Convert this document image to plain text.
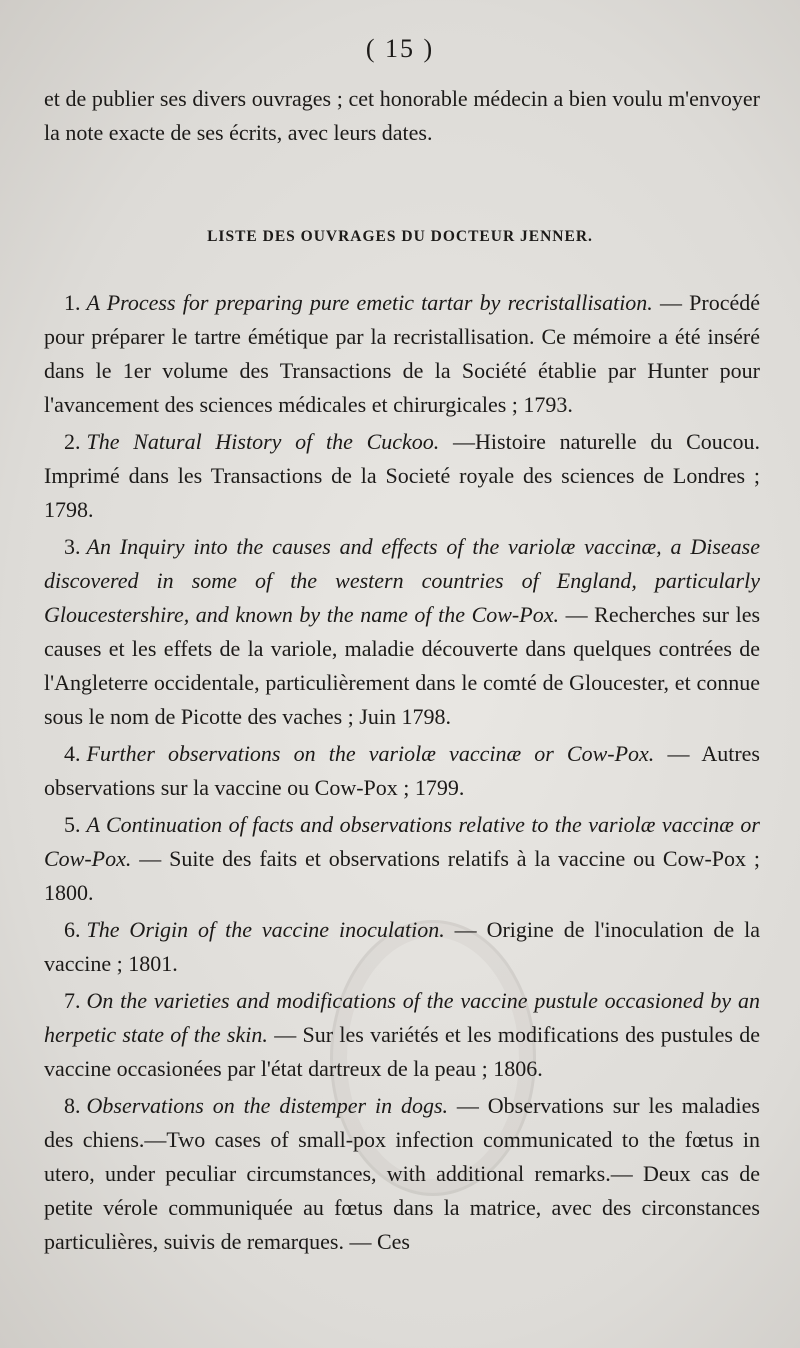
( 15 )

et de publier ses divers ouvrages ; cet honorable médecin a bien voulu m'envoyer la note exacte de ses écrits, avec leurs dates.

LISTE DES OUVRAGES DU DOCTEUR JENNER.

1. A Process for preparing pure emetic tartar by recristallisation. — Procédé pour préparer le tartre émétique par la recristallisation. Ce mémoire a été inséré dans le 1er volume des Transactions de la Société établie par Hunter pour l'avancement des sciences médicales et chirurgicales ; 1793.

2. The Natural History of the Cuckoo. —Histoire naturelle du Coucou. Imprimé dans les Transactions de la Societé royale des sciences de Londres ; 1798.

3. An Inquiry into the causes and effects of the variolæ vaccinæ, a Disease discovered in some of the western countries of England, particularly Gloucestershire, and known by the name of the Cow-Pox. — Recherches sur les causes et les effets de la variole, maladie découverte dans quelques contrées de l'Angleterre occidentale, particulièrement dans le comté de Gloucester, et connue sous le nom de Picotte des vaches ; Juin 1798.

4. Further observations on the variolæ vaccinæ or Cow-Pox. — Autres observations sur la vaccine ou Cow-Pox ; 1799.

5. A Continuation of facts and observations relative to the variolæ vaccinæ or Cow-Pox. — Suite des faits et observations relatifs à la vaccine ou Cow-Pox ; 1800.

6. The Origin of the vaccine inoculation. — Origine de l'inoculation de la vaccine ; 1801.

7. On the varieties and modifications of the vaccine pustule occasioned by an herpetic state of the skin. — Sur les variétés et les modifications des pustules de vaccine occasionées par l'état dartreux de la peau ; 1806.

8. Observations on the distemper in dogs. — Observations sur les maladies des chiens.—Two cases of small-pox infection communicated to the fœtus in utero, under peculiar circumstances, with additional remarks.— Deux cas de petite vérole communiquée au fœtus dans la matrice, avec des circonstances particulières, suivis de remarques. — Ces
